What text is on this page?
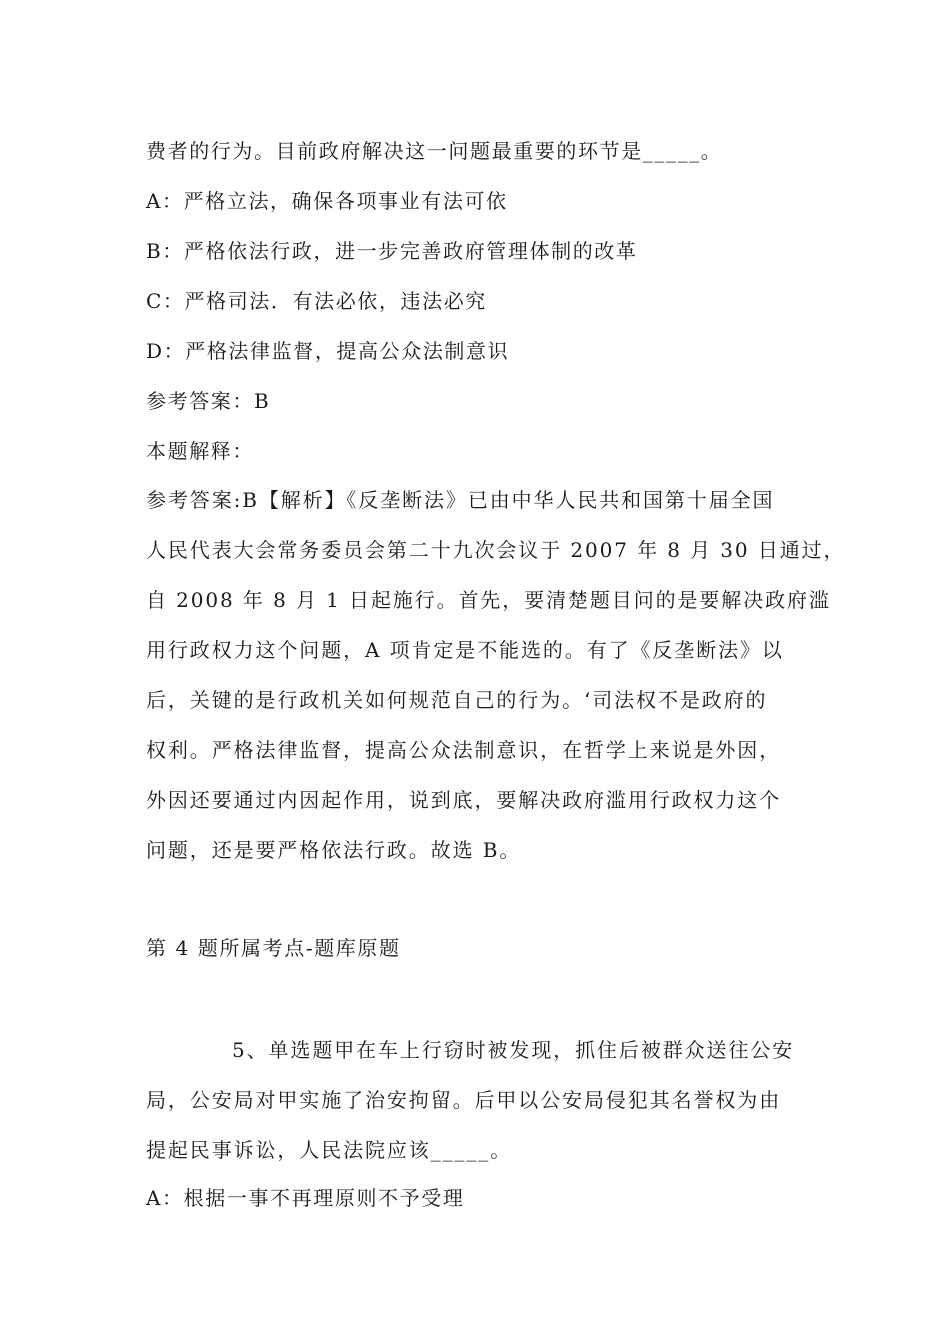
费者的行为。目前政府解决这一问题最重要的环节是_____。
A：严格立法，确保各项事业有法可依
B：严格依法行政，进一步完善政府管理体制的改革
C：严格司法．有法必依，违法必究
D：严格法律监督，提高公众法制意识
参考答案：B
本题解释：
参考答案:B【解析】《反垄断法》已由中华人民共和国第十届全国
人民代表大会常务委员会第二十九次会议于 2007 年 8 月 30 日通过，
自 2008 年 8 月 1 日起施行。首先，要清楚题目问的是要解决政府滥
用行政权力这个问题，A 项肯定是不能选的。有了《反垄断法》以
后，关键的是行政机关如何规范自己的行为。‘司法权不是政府的
权利。严格法律监督，提高公众法制意识，在哲学上来说是外因，
外因还要通过内因起作用，说到底，要解决政府滥用行政权力这个
问题，还是要严格依法行政。故选 B。
第 4 题所属考点-题库原题
5、单选题甲在车上行窃时被发现，抓住后被群众送往公安
局，公安局对甲实施了治安拘留。后甲以公安局侵犯其名誉权为由
提起民事诉讼，人民法院应该_____。
A：根据一事不再理原则不予受理
